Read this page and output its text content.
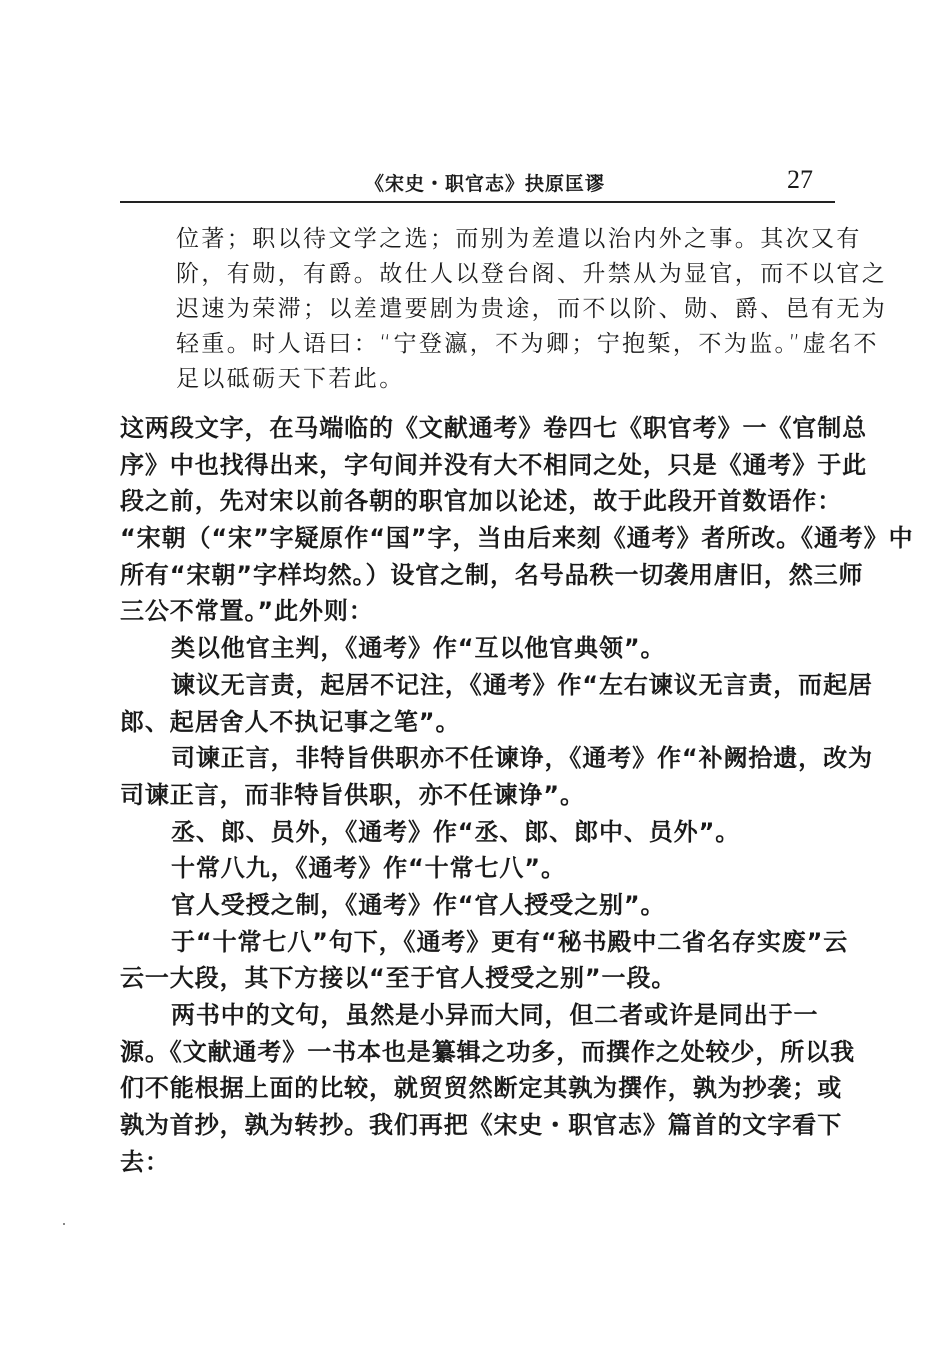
《宋史・职官志》抉原匡谬	27
位著；职以待文学之选；而别为差遣以治内外之事。其次又有
阶，有勋，有爵。故仕人以登台阁、升禁从为显官，而不以官之
迟速为荣滞；以差遣要剧为贵途，而不以阶、勋、爵、邑有无为
轻重。时人语曰：“宁登瀛，不为卿；宁抱椠，不为监。”虚名不
足以砥砺天下若此。
这两段文字，在马端临的《文献通考》卷四七《职官考》一《官制总
序》中也找得出来，字句间并没有大不相同之处，只是《通考》于此
段之前，先对宋以前各朝的职官加以论述，故于此段开首数语作：
“宋朝（“宋”字疑原作“国”字，当由后来刻《通考》者所改。《通考》中
所有“宋朝”字样均然。）设官之制，名号品秩一切袭用唐旧，然三师
三公不常置。”此外则：
类以他官主判，《通考》作“互以他官典领”。
谏议无言责，起居不记注，《通考》作“左右谏议无言责，而起居
郎、起居舍人不执记事之笔”。
司谏正言，非特旨供职亦不任谏诤，《通考》作“补阙拾遗，改为
司谏正言，而非特旨供职，亦不任谏诤”。
丞、郎、员外，《通考》作“丞、郎、郎中、员外”。
十常八九，《通考》作“十常七八”。
官人受授之制，《通考》作“官人授受之别”。
于“十常七八”句下，《通考》更有“秘书殿中二省名存实废”云
云一大段，其下方接以“至于官人授受之别”一段。
两书中的文句，虽然是小异而大同，但二者或许是同出于一
源。《文献通考》一书本也是纂辑之功多，而撰作之处较少，所以我
们不能根据上面的比较，就贸贸然断定其孰为撰作，孰为抄袭；或
孰为首抄，孰为转抄。我们再把《宋史・职官志》篇首的文字看下
去：
